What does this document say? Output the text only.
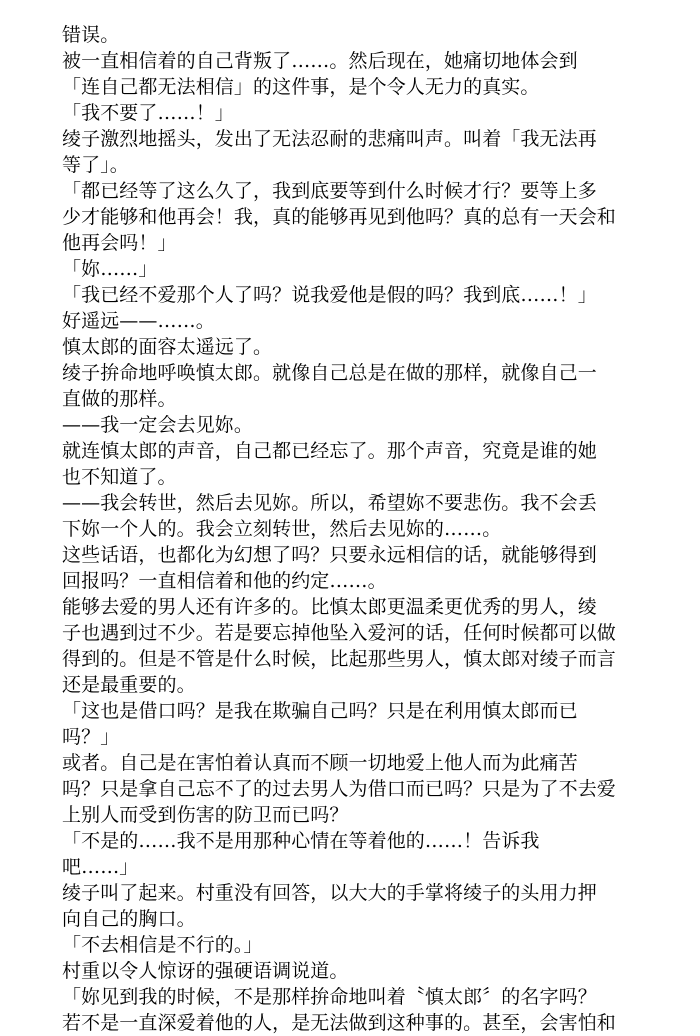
错误。
被一直相信着的自己背叛了……。然后现在，她痛切地体会到
「连自己都无法相信」的这件事，是个令人无力的真实。
「我不要了……！」
绫子激烈地摇头，发出了无法忍耐的悲痛叫声。叫着「我无法再
等了」。
「都已经等了这么久了，我到底要等到什么时候才行？要等上多
少才能够和他再会！我，真的能够再见到他吗？真的总有一天会和
他再会吗！」
「妳……」
「我已经不爱那个人了吗？说我爱他是假的吗？我到底……！」
好遥远——……。
慎太郎的面容太遥远了。
绫子拚命地呼唤慎太郎。就像自己总是在做的那样，就像自己一
直做的那样。
——我一定会去见妳。
就连慎太郎的声音，自己都已经忘了。那个声音，究竟是谁的她
也不知道了。
——我会转世，然后去见妳。所以，希望妳不要悲伤。我不会丢
下妳一个人的。我会立刻转世，然后去见妳的……。
这些话语，也都化为幻想了吗？只要永远相信的话，就能够得到
回报吗？一直相信着和他的约定……。
能够去爱的男人还有许多的。比慎太郎更温柔更优秀的男人，绫
子也遇到过不少。若是要忘掉他坠入爱河的话，任何时候都可以做
得到的。但是不管是什么时候，比起那些男人，慎太郎对绫子而言
还是最重要的。
「这也是借口吗？是我在欺骗自己吗？只是在利用慎太郎而已
吗？」
或者。自己是在害怕着认真而不顾一切地爱上他人而为此痛苦
吗？只是拿自己忘不了的过去男人为借口而已吗？只是为了不去爱
上别人而受到伤害的防卫而已吗？
「不是的……我不是用那种心情在等着他的……！告诉我
吧……」
绫子叫了起来。村重没有回答，以大大的手掌将绫子的头用力押
向自己的胸口。
「不去相信是不行的。」
村重以令人惊讶的强硬语调说道。
「妳见到我的时候，不是那样拚命地叫着〝慎太郎〞的名字吗？
若不是一直深爱着他的人，是无法做到这种事的。甚至，会害怕和
